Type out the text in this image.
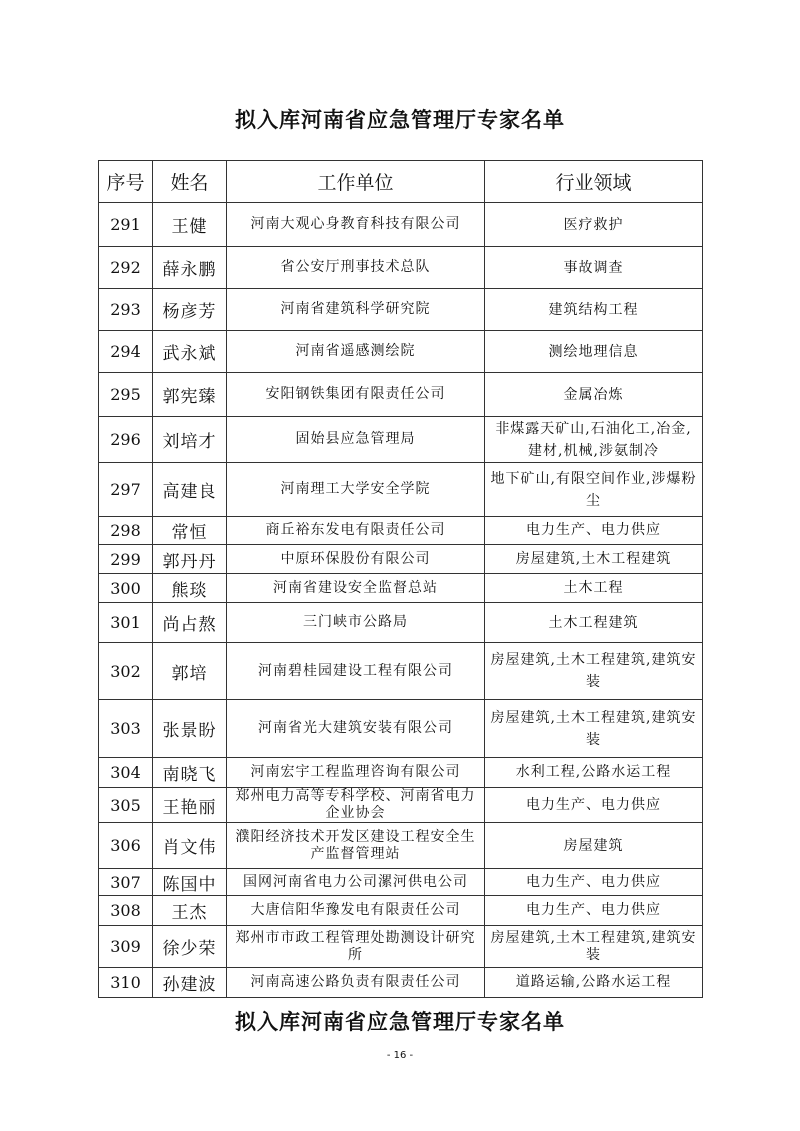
拟入库河南省应急管理厅专家名单
序号	姓名	工作单位	行业领域
291	王健	河南大观心身教育科技有限公司	医疗救护
292	薛永鹏	省公安厅刑事技术总队	事故调查
293	杨彦芳	河南省建筑科学研究院	建筑结构工程
294	武永斌	河南省遥感测绘院	测绘地理信息
295	郭宪臻	安阳钢铁集团有限责任公司	金属冶炼
296	刘培才	固始县应急管理局	非煤露天矿山,石油化工,冶金,建材,机械,涉氨制冷
297	高建良	河南理工大学安全学院	地下矿山,有限空间作业,涉爆粉尘
298	常恒	商丘裕东发电有限责任公司	电力生产、电力供应
299	郭丹丹	中原环保股份有限公司	房屋建筑,土木工程建筑
300	熊琰	河南省建设安全监督总站	土木工程
301	尚占熬	三门峡市公路局	土木工程建筑
302	郭培	河南碧桂园建设工程有限公司	房屋建筑,土木工程建筑,建筑安装
303	张景盼	河南省光大建筑安装有限公司	房屋建筑,土木工程建筑,建筑安装
304	南晓飞	河南宏宇工程监理咨询有限公司	水利工程,公路水运工程
305	王艳丽	郑州电力高等专科学校、河南省电力企业协会	电力生产、电力供应
306	肖文伟	濮阳经济技术开发区建设工程安全生产监督管理站	房屋建筑
307	陈国中	国网河南省电力公司漯河供电公司	电力生产、电力供应
308	王杰	大唐信阳华豫发电有限责任公司	电力生产、电力供应
309	徐少荣	郑州市市政工程管理处勘测设计研究所	房屋建筑,土木工程建筑,建筑安装
310	孙建波	河南高速公路负责有限责任公司	道路运输,公路水运工程
拟入库河南省应急管理厅专家名单
- 16 -
